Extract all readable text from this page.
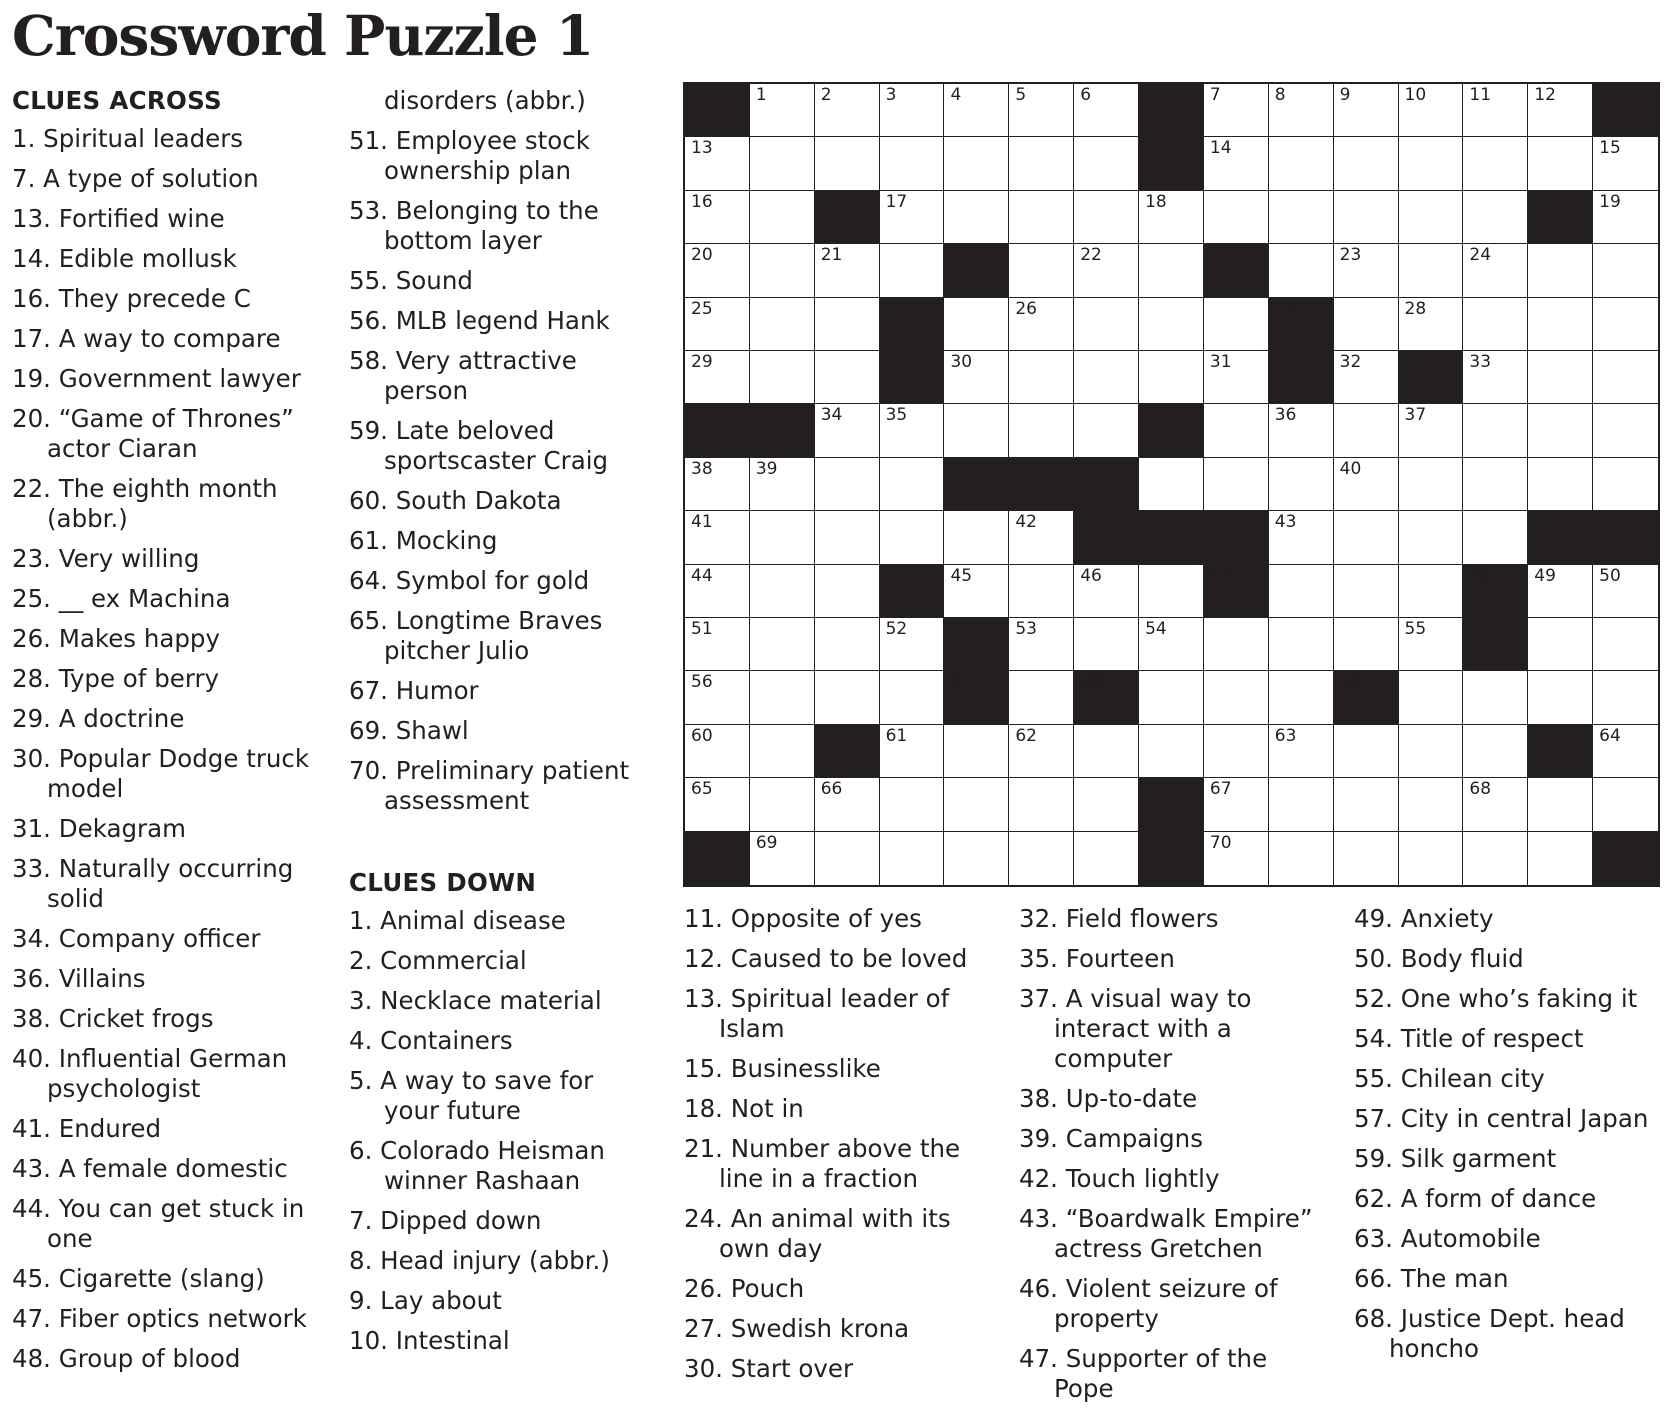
Crossword Puzzle 1
CLUES ACROSS
1. Spiritual leaders
7. A type of solution
13. Fortified wine
14. Edible mollusk
16. They precede C
17. A way to compare
19. Government lawyer
20. “Game of Thrones” actor Ciaran
22. The eighth month (abbr.)
23. Very willing
25. __ ex Machina
26. Makes happy
28. Type of berry
29. A doctrine
30. Popular Dodge truck model
31. Dekagram
33. Naturally occurring solid
34. Company officer
36. Villains
38. Cricket frogs
40. Influential German psychologist
41. Endured
43. A female domestic
44. You can get stuck in one
45. Cigarette (slang)
47. Fiber optics network
48. Group of blood
disorders (abbr.)
51. Employee stock ownership plan
53. Belonging to the bottom layer
55. Sound
56. MLB legend Hank
58. Very attractive person
59. Late beloved sportscaster Craig
60. South Dakota
61. Mocking
64. Symbol for gold
65. Longtime Braves pitcher Julio
67. Humor
69. Shawl
70. Preliminary patient assessment
CLUES DOWN
1. Animal disease
2. Commercial
3. Necklace material
4. Containers
5. A way to save for your future
6. Colorado Heisman winner Rashaan
7. Dipped down
8. Head injury (abbr.)
9. Lay about
10. Intestinal
11. Opposite of yes
12. Caused to be loved
13. Spiritual leader of Islam
15. Businesslike
18. Not in
21. Number above the line in a fraction
24. An animal with its own day
26. Pouch
27. Swedish krona
30. Start over
32. Field flowers
35. Fourteen
37. A visual way to interact with a computer
38. Up-to-date
39. Campaigns
42. Touch lightly
43. “Boardwalk Empire” actress Gretchen
46. Violent seizure of property
47. Supporter of the Pope
49. Anxiety
50. Body fluid
52. One who’s faking it
54. Title of respect
55. Chilean city
57. City in central Japan
59. Silk garment
62. A form of dance
63. Automobile
66. The man
68. Justice Dept. head honcho
1	2	3	4	5	6	7	8	9	10	11	12
13	14	15
16	17	18	19
20	21	22	23	24
25	26	27	28
29	30	31	32	33
34	35	36	37
38	39	40
41	42	43
44	45	46	47	48	49	50
51	52	53	54	55
56	57	58	59
60	61	62	63	64
65	66	67	68
69	70
